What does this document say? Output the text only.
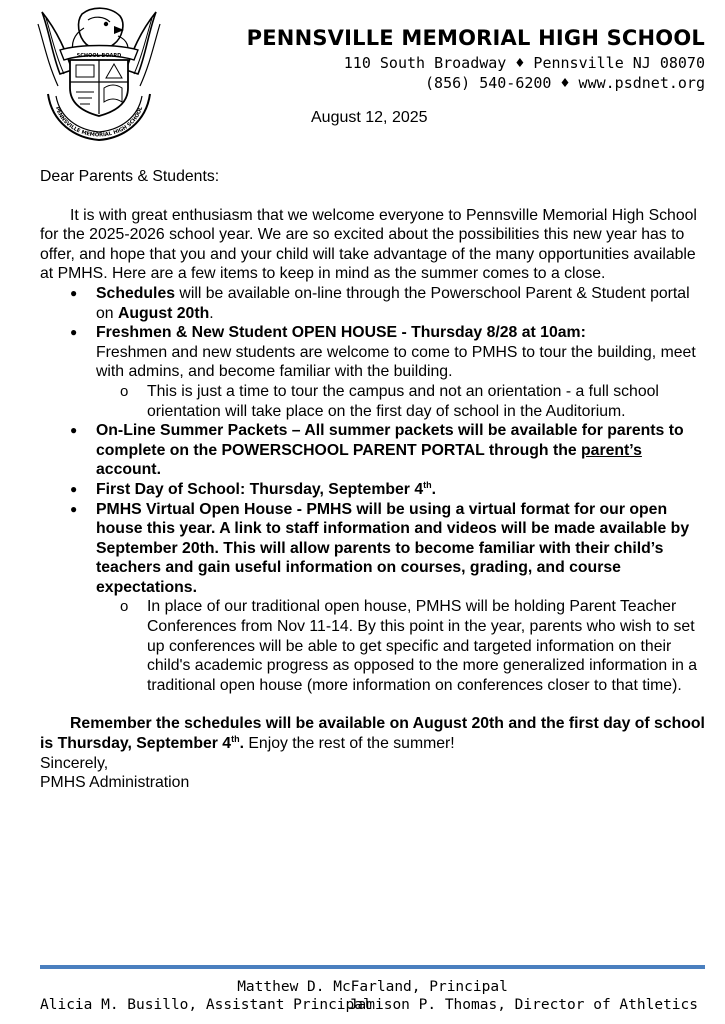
SCHOOL BOARD
PENNSVILLE MEMORIAL HIGH SCHOOL
PENNSVILLE MEMORIAL HIGH SCHOOL
110 South Broadway ♦ Pennsville NJ 08070
(856) 540-6200 ♦ www.psdnet.org
August 12, 2025

Dear Parents & Students:

It is with great enthusiasm that we welcome everyone to Pennsville Memorial High School for the 2025-2026 school year. We are so excited about the possibilities this new year has to offer, and hope that you and your child will take advantage of the many opportunities available at PMHS. Here are a few items to keep in mind as the summer comes to a close.

● Schedules will be available on-line through the Powerschool Parent & Student portal on August 20th.
● Freshmen & New Student OPEN HOUSE - Thursday 8/28 at 10am:
Freshmen and new students are welcome to come to PMHS to tour the building, meet with admins, and become familiar with the building.
o This is just a time to tour the campus and not an orientation - a full school orientation will take place on the first day of school in the Auditorium.
● On-Line Summer Packets – All summer packets will be available for parents to complete on the POWERSCHOOL PARENT PORTAL through the parent’s account.
● First Day of School: Thursday, September 4th.
● PMHS Virtual Open House - PMHS will be using a virtual format for our open house this year. A link to staff information and videos will be made available by September 20th. This will allow parents to become familiar with their child’s teachers and gain useful information on courses, grading, and course expectations.
o In place of our traditional open house, PMHS will be holding Parent Teacher Conferences from Nov 11-14. By this point in the year, parents who wish to set up conferences will be able to get specific and targeted information on their child's academic progress as opposed to the more generalized information in a traditional open house (more information on conferences closer to that time).

Remember the schedules will be available on August 20th and the first day of school is Thursday, September 4th. Enjoy the rest of the summer!

Sincerely,

PMHS Administration

Matthew D. McFarland, Principal
Alicia M. Busillo, Assistant Principal
Jamison P. Thomas, Director of Athletics
